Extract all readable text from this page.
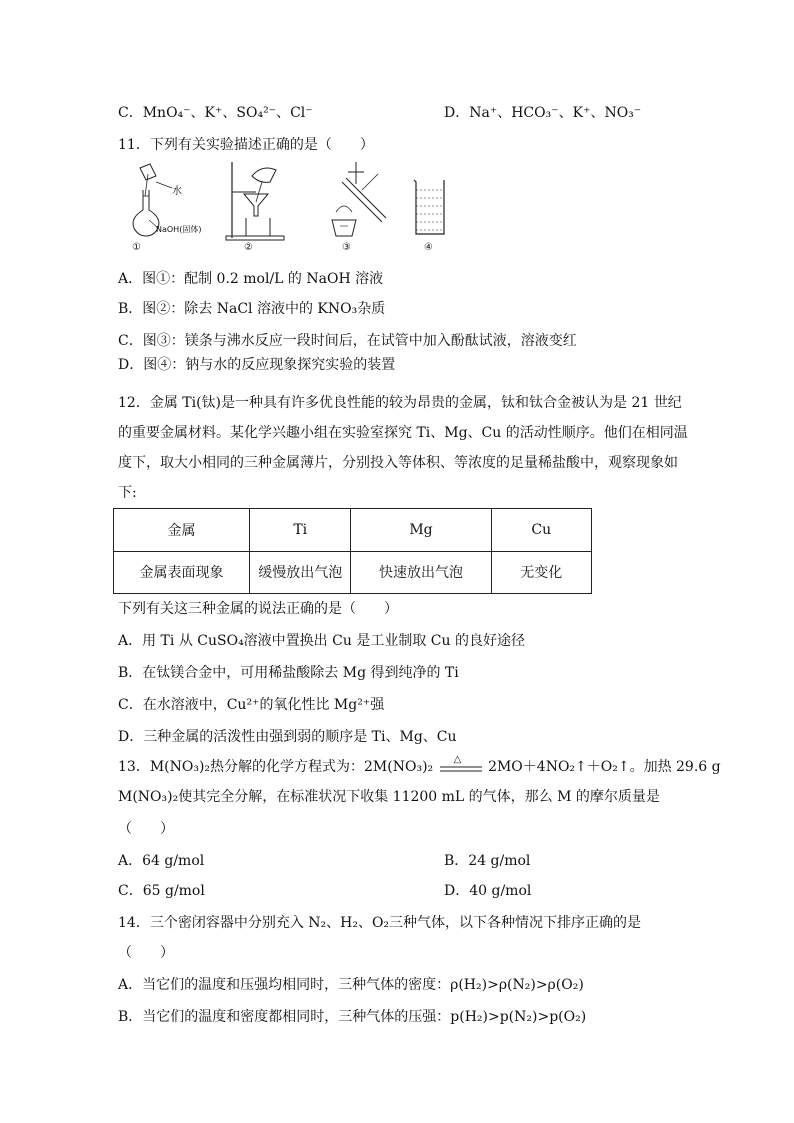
C．MnO₄⁻、K⁺、SO₄²⁻、Cl⁻	D．Na⁺、HCO₃⁻、K⁺、NO₃⁻
11．下列有关实验描述正确的是（　　）
水
NaOH(固体)
①	②	③	④
A．图①：配制 0.2 mol/L 的 NaOH 溶液
B．图②：除去 NaCl 溶液中的 KNO₃杂质
C．图③：镁条与沸水反应一段时间后，在试管中加入酚酞试液，溶液变红
D．图④：钠与水的反应现象探究实验的装置
12．金属 Ti(钛)是一种具有许多优良性能的较为昂贵的金属，钛和钛合金被认为是 21 世纪
的重要金属材料。某化学兴趣小组在实验室探究 Ti、Mg、Cu 的活动性顺序。他们在相同温
度下，取大小相同的三种金属薄片，分别投入等体积、等浓度的足量稀盐酸中，观察现象如
下:
金属	Ti	Mg	Cu
金属表面现象	缓慢放出气泡	快速放出气泡	无变化
下列有关这三种金属的说法正确的是（　　）
A．用 Ti 从 CuSO₄溶液中置换出 Cu 是工业制取 Cu 的良好途径
B．在钛镁合金中，可用稀盐酸除去 Mg 得到纯净的 Ti
C．在水溶液中，Cu²⁺的氧化性比 Mg²⁺强
D．三种金属的活泼性由强到弱的顺序是 Ti、Mg、Cu
13．M(NO₃)₂热分解的化学方程式为：2M(NO₃)₂ △ 2MO＋4NO₂↑＋O₂↑。加热 29.6 g
M(NO₃)₂使其完全分解，在标准状况下收集 11200 mL 的气体，那么 M 的摩尔质量是
（　　）
A．64 g/mol	B．24 g/mol
C．65 g/mol	D．40 g/mol
14．三个密闭容器中分别充入 N₂、H₂、O₂三种气体，以下各种情况下排序正确的是
（　　）
A．当它们的温度和压强均相同时，三种气体的密度：ρ(H₂)>ρ(N₂)>ρ(O₂)
B．当它们的温度和密度都相同时，三种气体的压强：p(H₂)>p(N₂)>p(O₂)
